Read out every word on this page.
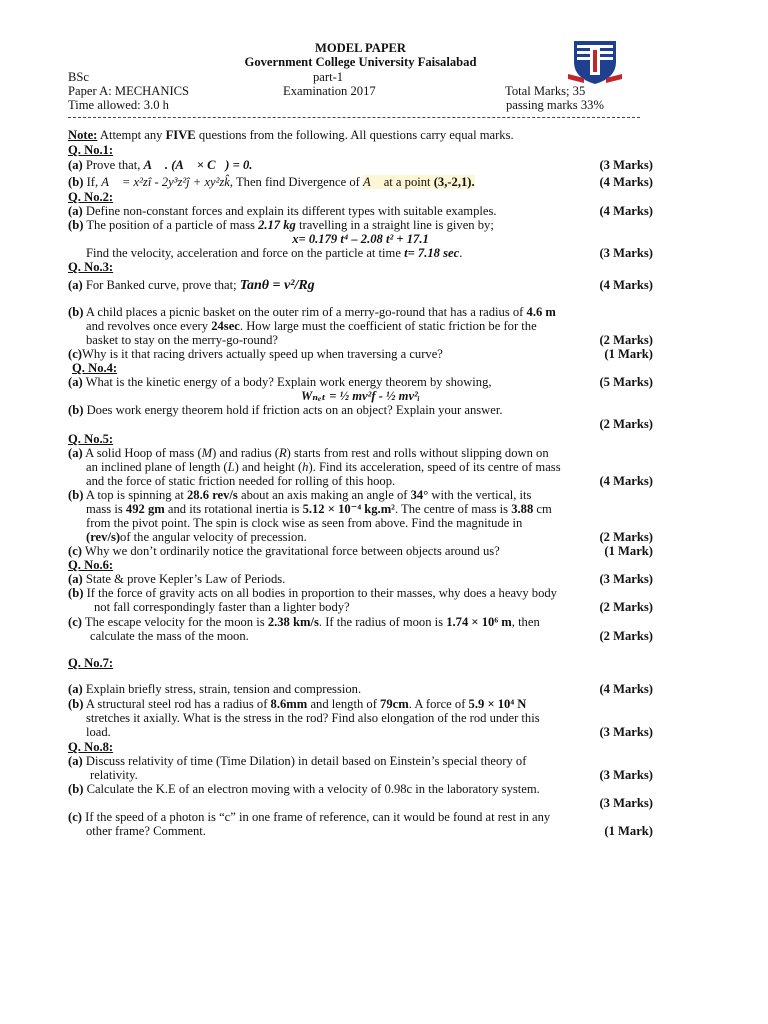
MODEL PAPER
Government College University Faisalabad
BSc	part-1
Paper A: MECHANICS	Examination 2017	Total Marks; 35
Time allowed: 3.0 h	passing marks 33%
Note: Attempt any FIVE questions from the following. All questions carry equal marks.
Q. No.1:
(a) Prove that, A⃗ . (A⃗ × C⃗) = 0.	(3 Marks)
(b) If, A⃗ = x²zî - 2y³z²ĵ + xy²zk̂, Then find Divergence of A⃗ at a point (3,-2,1).	(4 Marks)
Q. No.2:
(a) Define non-constant forces and explain its different types with suitable examples.	(4 Marks)
(b) The position of a particle of mass 2.17 kg travelling in a straight line is given by;
x= 0.179 t⁴ – 2.08 t² + 17.1
Find the velocity, acceleration and force on the particle at time t= 7.18 sec.	(3 Marks)
Q. No.3:
(a) For Banked curve, prove that; Tanθ = v²/Rg	(4 Marks)
(b) A child places a picnic basket on the outer rim of a merry-go-round that has a radius of 4.6 m
and revolves once every 24sec. How large must the coefficient of static friction be for the
basket to stay on the merry-go-round?	(2 Marks)
(c)Why is it that racing drivers actually speed up when traversing a curve?	(1 Mark)
Q. No.4:
(a) What is the kinetic energy of a body? Explain work energy theorem by showing,	(5 Marks)
Wₙₑₜ = ½ mv²f - ½ mv²ᵢ
(b) Does work energy theorem hold if friction acts on an object? Explain your answer.
(2 Marks)
Q. No.5:
(a) A solid Hoop of mass (M) and radius (R) starts from rest and rolls without slipping down on
an inclined plane of length (L) and height (h). Find its acceleration, speed of its centre of mass
and the force of static friction needed for rolling of this hoop.	(4 Marks)
(b) A top is spinning at 28.6 rev/s about an axis making an angle of 34° with the vertical, its
mass is 492 gm and its rotational inertia is 5.12 × 10⁻⁴ kg.m². The centre of mass is 3.88 cm
from the pivot point. The spin is clock wise as seen from above. Find the magnitude in
(rev/s)of the angular velocity of precession.	(2 Marks)
(c) Why we don’t ordinarily notice the gravitational force between objects around us?	(1 Mark)
Q. No.6:
(a) State & prove Kepler’s Law of Periods.	(3 Marks)
(b) If the force of gravity acts on all bodies in proportion to their masses, why does a heavy body
not fall correspondingly faster than a lighter body?	(2 Marks)
(c) The escape velocity for the moon is 2.38 km/s. If the radius of moon is 1.74 × 10⁶ m, then
calculate the mass of the moon.	(2 Marks)
Q. No.7:
(a) Explain briefly stress, strain, tension and compression.	(4 Marks)
(b) A structural steel rod has a radius of 8.6mm and length of 79cm. A force of 5.9 × 10⁴ N
stretches it axially. What is the stress in the rod? Find also elongation of the rod under this
load.	(3 Marks)
Q. No.8:
(a) Discuss relativity of time (Time Dilation) in detail based on Einstein’s special theory of
relativity.	(3 Marks)
(b) Calculate the K.E of an electron moving with a velocity of 0.98c in the laboratory system.
(3 Marks)
(c) If the speed of a photon is “c” in one frame of reference, can it would be found at rest in any
other frame? Comment.	(1 Mark)
